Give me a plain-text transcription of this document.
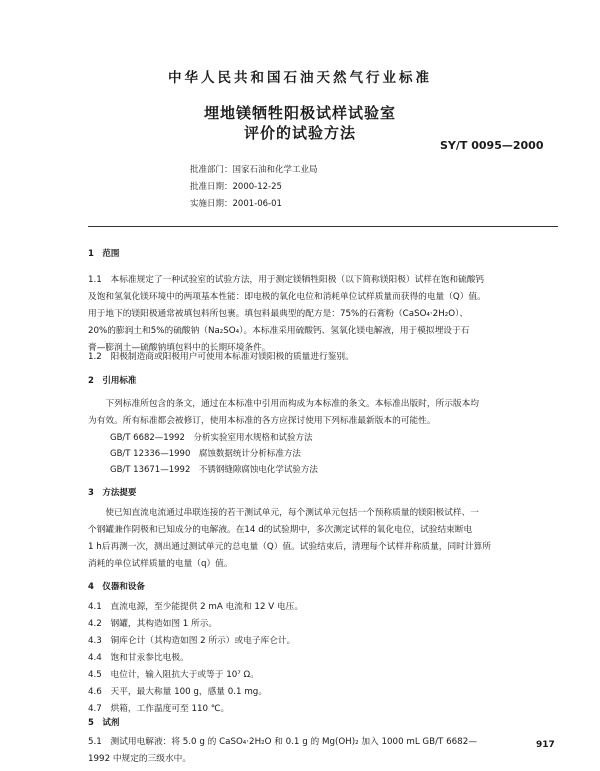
中华人民共和国石油天然气行业标准
埋地镁牺牲阳极试样试验室
评价的试验方法
SY/T 0095—2000
批准部门：国家石油和化学工业局
批准日期：2000-12-25
实施日期：2001-06-01
1　范围
1.1　本标准规定了一种试验室的试验方法，用于测定镁牺牲阳极（以下简称镁阳极）试样在饱和硫酸钙
及饱和氢氧化镁环境中的两项基本性能：即电极的氧化电位和消耗单位试样质量而获得的电量（Q）值。
用于地下的镁阳极通常被填包料所包裹。填包料最典型的配方是：75%的石膏粉（CaSO₄·2H₂O）、
20%的膨润土和5%的硫酸钠（Na₂SO₄）。本标准采用硫酸钙、氢氧化镁电解液，用于模拟埋设于石
膏—膨润土—硫酸钠填包料中的长期环境条件。
1.2　阳极制造商或阳极用户可使用本标准对镁阳极的质量进行鉴别。
2　引用标准
　　下列标准所包含的条文，通过在本标准中引用而构成为本标准的条文。本标准出版时，所示版本均
为有效。所有标准都会被修订，使用本标准的各方应探讨使用下列标准最新版本的可能性。
GB/T 6682—1992　分析实验室用水规格和试验方法
GB/T 12336—1990　腐蚀数据统计分析标准方法
GB/T 13671—1992　不锈钢缝隙腐蚀电化学试验方法
3　方法提要
　　使已知直流电流通过串联连接的若干测试单元，每个测试单元包括一个预称质量的镁阳极试样、一
个钢罐兼作阴极和已知成分的电解液。在14 d的试验期中，多次测定试样的氧化电位，试验结束断电
1 h后再测一次，测出通过测试单元的总电量（Q）值。试验结束后，清理每个试样并称质量，同时计算所
消耗的单位试样质量的电量（q）值。
4　仪器和设备
4.1　直流电源，至少能提供 2 mA 电流和 12 V 电压。
4.2　钢罐，其构造如图 1 所示。
4.3　铜库仑计（其构造如图 2 所示）或电子库仑计。
4.4　饱和甘汞参比电极。
4.5　电位计，输入阻抗大于或等于 10⁷ Ω。
4.6　天平，最大称量 100 g，感量 0.1 mg。
4.7　烘箱，工作温度可至 110 ℃。
5　试剂
5.1　测试用电解液：将 5.0 g 的 CaSO₄·2H₂O 和 0.1 g 的 Mg(OH)₂ 加入 1000 mL GB/T 6682—
1992 中规定的三级水中。
917
